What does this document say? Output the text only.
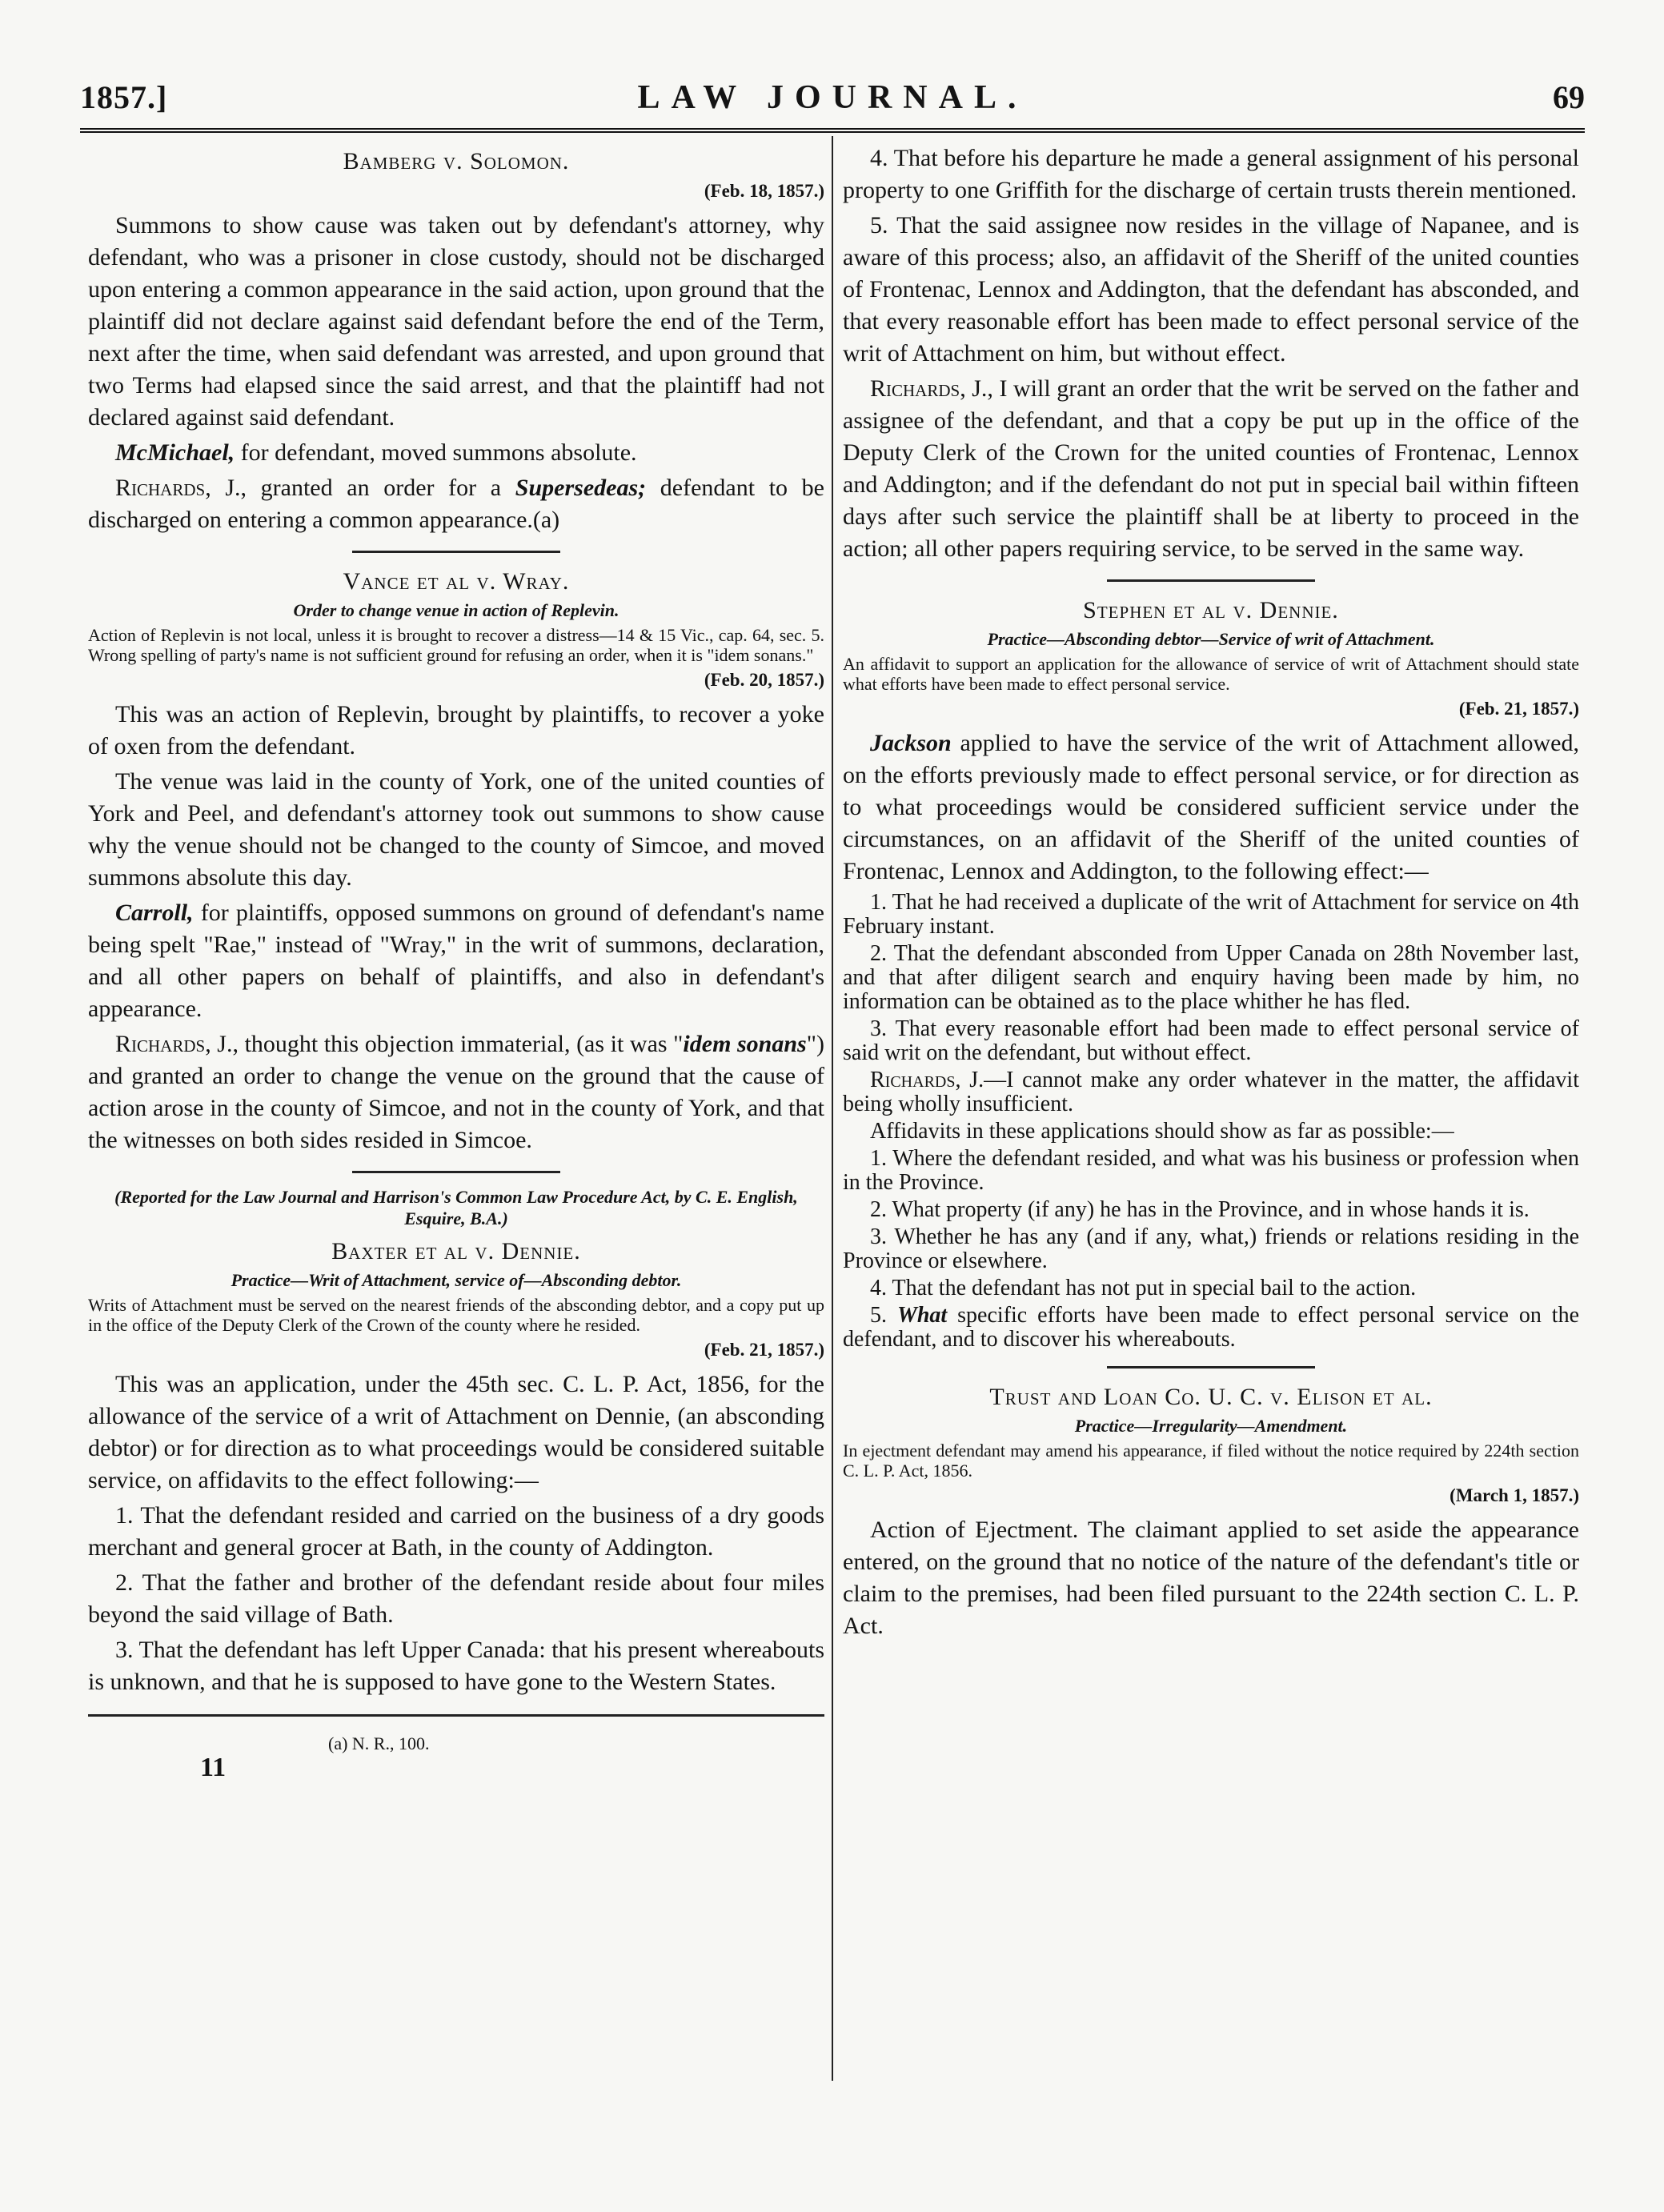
1857.]	LAW JOURNAL.	69
Bamberg v. Solomon.
(Feb. 18, 1857.)

Summons to show cause was taken out by defendant's attorney, why defendant, who was a prisoner in close custody, should not be discharged upon entering a common appearance in the said action, upon ground that the plaintiff did not declare against said defendant before the end of the Term, next after the time, when said defendant was arrested, and upon ground that two Terms had elapsed since the said arrest, and that the plaintiff had not declared against said defendant.

McMichael, for defendant, moved summons absolute.

Richards, J., granted an order for a Supersedeas; defendant to be discharged on entering a common appearance.(a)

Vance et al v. Wray.
Order to change venue in action of Replevin.
Action of Replevin is not local, unless it is brought to recover a distress—14 & 15 Vic., cap. 64, sec. 5. Wrong spelling of party's name is not sufficient ground for refusing an order, when it is "idem sonans."
(Feb. 20, 1857.)

This was an action of Replevin, brought by plaintiffs, to recover a yoke of oxen from the defendant.

The venue was laid in the county of York, one of the united counties of York and Peel, and defendant's attorney took out summons to show cause why the venue should not be changed to the county of Simcoe, and moved summons absolute this day.

Carroll, for plaintiffs, opposed summons on ground of defendant's name being spelt "Rae," instead of "Wray," in the writ of summons, declaration, and all other papers on behalf of plaintiffs, and also in defendant's appearance.

Richards, J., thought this objection immaterial, (as it was "idem sonans") and granted an order to change the venue on the ground that the cause of action arose in the county of Simcoe, and not in the county of York, and that the witnesses on both sides resided in Simcoe.

(Reported for the Law Journal and Harrison's Common Law Procedure Act, by C. E. English, Esquire, B.A.)
Baxter et al v. Dennie.
Practice—Writ of Attachment, service of—Absconding debtor.
Writs of Attachment must be served on the nearest friends of the absconding debtor, and a copy put up in the office of the Deputy Clerk of the Crown of the county where he resided.
(Feb. 21, 1857.)

This was an application, under the 45th sec. C. L. P. Act, 1856, for the allowance of the service of a writ of Attachment on Dennie, (an absconding debtor) or for direction as to what proceedings would be considered suitable service, on affidavits to the effect following:—

1. That the defendant resided and carried on the business of a dry goods merchant and general grocer at Bath, in the county of Addington.

2. That the father and brother of the defendant reside about four miles beyond the said village of Bath.

3. That the defendant has left Upper Canada: that his present whereabouts is unknown, and that he is supposed to have gone to the Western States.

(a) N. R., 100.
11

4. That before his departure he made a general assignment of his personal property to one Griffith for the discharge of certain trusts therein mentioned.

5. That the said assignee now resides in the village of Napanee, and is aware of this process; also, an affidavit of the Sheriff of the united counties of Frontenac, Lennox and Addington, that the defendant has absconded, and that every reasonable effort has been made to effect personal service of the writ of Attachment on him, but without effect.

Richards, J., I will grant an order that the writ be served on the father and assignee of the defendant, and that a copy be put up in the office of the Deputy Clerk of the Crown for the united counties of Frontenac, Lennox and Addington; and if the defendant do not put in special bail within fifteen days after such service the plaintiff shall be at liberty to proceed in the action; all other papers requiring service, to be served in the same way.

Stephen et al v. Dennie.
Practice—Absconding debtor—Service of writ of Attachment.
An affidavit to support an application for the allowance of service of writ of Attachment should state what efforts have been made to effect personal service.
(Feb. 21, 1857.)

Jackson applied to have the service of the writ of Attachment allowed, on the efforts previously made to effect personal service, or for direction as to what proceedings would be considered sufficient service under the circumstances, on an affidavit of the Sheriff of the united counties of Frontenac, Lennox and Addington, to the following effect:—

1. That he had received a duplicate of the writ of Attachment for service on 4th February instant.

2. That the defendant absconded from Upper Canada on 28th November last, and that after diligent search and enquiry having been made by him, no information can be obtained as to the place whither he has fled.

3. That every reasonable effort had been made to effect personal service of said writ on the defendant, but without effect.

Richards, J.—I cannot make any order whatever in the matter, the affidavit being wholly insufficient.

Affidavits in these applications should show as far as possible:—

1. Where the defendant resided, and what was his business or profession when in the Province.

2. What property (if any) he has in the Province, and in whose hands it is.

3. Whether he has any (and if any, what,) friends or relations residing in the Province or elsewhere.

4. That the defendant has not put in special bail to the action.

5. What specific efforts have been made to effect personal service on the defendant, and to discover his whereabouts.

Trust and Loan Co. U. C. v. Elison et al.
Practice—Irregularity—Amendment.
In ejectment defendant may amend his appearance, if filed without the notice required by 224th section C. L. P. Act, 1856.
(March 1, 1857.)

Action of Ejectment. The claimant applied to set aside the appearance entered, on the ground that no notice of the nature of the defendant's title or claim to the premises, had been filed pursuant to the 224th section C. L. P. Act.
